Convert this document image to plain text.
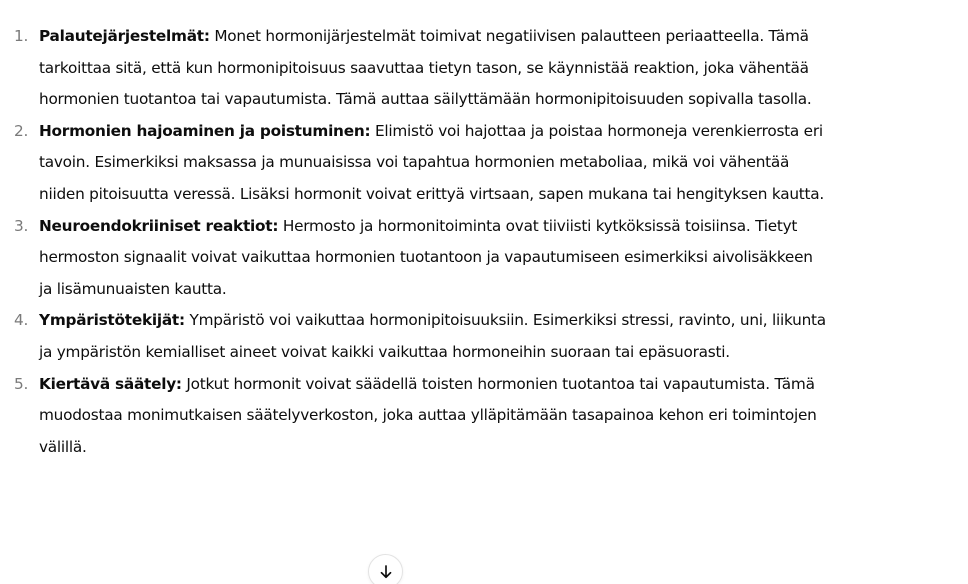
1. Palautejärjestelmät: Monet hormonijärjestelmät toimivat negatiivisen palautteen periaatteella. Tämä tarkoittaa sitä, että kun hormonipitoisuus saavuttaa tietyn tason, se käynnistää reaktion, joka vähentää hormonien tuotantoa tai vapautumista. Tämä auttaa säilyttämään hormonipitoisuuden sopivalla tasolla.
2. Hormonien hajoaminen ja poistuminen: Elimistö voi hajottaa ja poistaa hormoneja verenkierrosta eri tavoin. Esimerkiksi maksassa ja munuaisissa voi tapahtua hormonien metaboliaa, mikä voi vähentää niiden pitoisuutta veressä. Lisäksi hormonit voivat erittyä virtsaan, sapen mukana tai hengityksen kautta.
3. Neuroendokriiniset reaktiot: Hermosto ja hormonitoiminta ovat tiiviisti kytköksissä toisiinsa. Tietyt hermoston signaalit voivat vaikuttaa hormonien tuotantoon ja vapautumiseen esimerkiksi aivolisäkkeen ja lisämunuaisten kautta.
4. Ympäristötekijät: Ympäristö voi vaikuttaa hormonipitoisuuksiin. Esimerkiksi stressi, ravinto, uni, liikunta ja ympäristön kemialliset aineet voivat kaikki vaikuttaa hormoneihin suoraan tai epäsuorasti.
5. Kiertävä säätely: Jotkut hormonit voivat säädellä toisten hormonien tuotantoa tai vapautumista. Tämä muodostaa monimutkaisen säätelyverkoston, joka auttaa ylläpitämään tasapainoa kehon eri toimintojen välillä.
